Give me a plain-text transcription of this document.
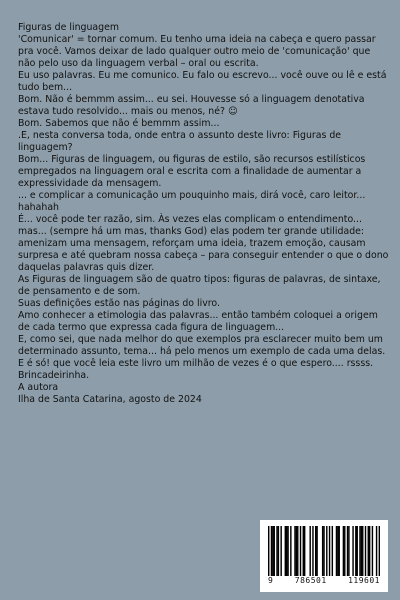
Figuras de linguagem

'Comunicar' = tornar comum. Eu tenho uma ideia na cabeça e quero passar pra você. Vamos deixar de lado qualquer outro meio de 'comunicação' que não pelo uso da linguagem verbal – oral ou escrita.

Eu uso palavras. Eu me comunico. Eu falo ou escrevo... você ouve ou lê e está tudo bem...

Bom. Não é bemmm assim... eu sei. Houvesse só a linguagem denotativa estava tudo resolvido... mais ou menos, né? ☺

Bom. Sabemos que não é bemmm assim...

.E, nesta conversa toda, onde entra o assunto deste livro: Figuras de linguagem?

Bom... Figuras de linguagem, ou figuras de estilo, são recursos estilísticos empregados na linguagem oral e escrita com a finalidade de aumentar a expressividade da mensagem.

... e complicar a comunicação um pouquinho mais, dirá você, caro leitor... hahahah

É... você pode ter razão, sim. Às vezes elas complicam o entendimento... mas... (sempre há um mas, thanks God) elas podem ter grande utilidade: amenizam uma mensagem, reforçam uma ideia, trazem emoção, causam surpresa e até quebram nossa cabeça – para conseguir entender o que o dono daquelas palavras quis dizer.

As Figuras de linguagem são de quatro tipos: figuras de palavras, de sintaxe, de pensamento e de som.

Suas definições estão nas páginas do livro.

Amo conhecer a etimologia das palavras... então também coloquei a origem de cada termo que expressa cada figura de linguagem...

E, como sei, que nada melhor do que exemplos pra esclarecer muito bem um determinado assunto, tema... há pelo menos um exemplo de cada uma delas.

E é só! que você leia este livro um milhão de vezes é o que espero.... rssss. Brincadeirinha.

A autora

Ilha de Santa Catarina, agosto de 2024

9	786501	119601
